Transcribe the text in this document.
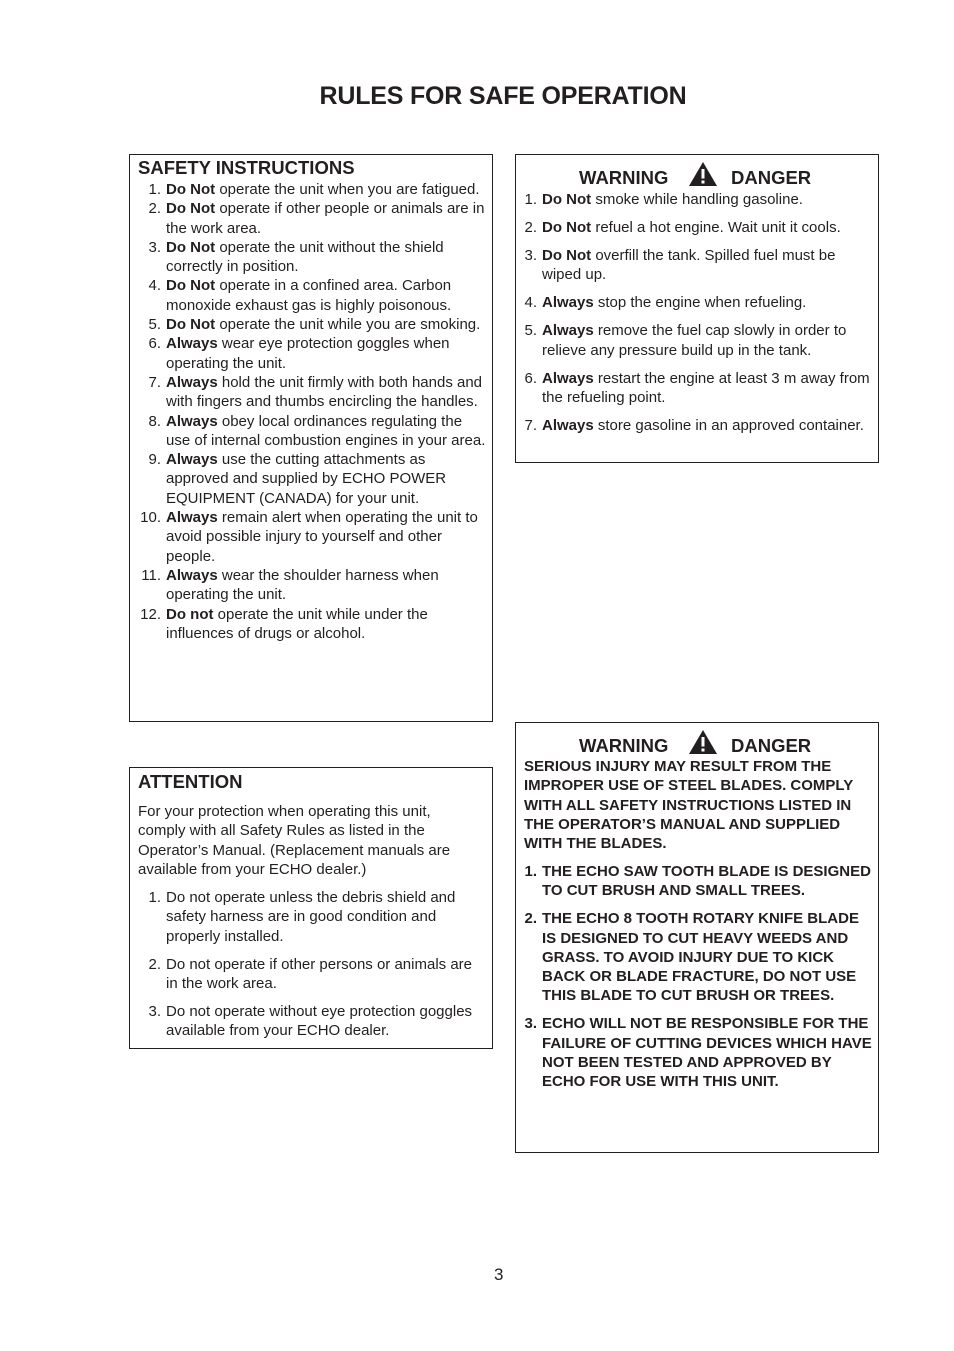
RULES FOR SAFE OPERATION
SAFETY INSTRUCTIONS
1. Do Not operate the unit when you are fatigued.
2. Do Not operate if other people or animals are in the work area.
3. Do Not operate the unit without the shield correctly in position.
4. Do Not operate in a confined area. Carbon monoxide exhaust gas is highly poisonous.
5. Do Not operate the unit while you are smoking.
6. Always wear eye protection goggles when operating the unit.
7. Always hold the unit firmly with both hands and with fingers and thumbs encircling the handles.
8. Always obey local ordinances regulating the use of internal combustion engines in your area.
9. Always use the cutting attachments as approved and supplied by ECHO POWER EQUIPMENT (CANADA) for your unit.
10. Always remain alert when operating the unit to avoid possible injury to yourself and other people.
11. Always wear the shoulder harness when operating the unit.
12. Do not operate the unit while under the influences of drugs or alcohol.
WARNING	DANGER
1. Do Not smoke while handling gasoline.
2. Do Not refuel a hot engine. Wait unit it cools.
3. Do Not overfill the tank. Spilled fuel must be wiped up.
4. Always stop the engine when refueling.
5. Always remove the fuel cap slowly in order to relieve any pressure build up in the tank.
6. Always restart the engine at least 3 m away from the refueling point.
7. Always store gasoline in an approved container.
ATTENTION
For your protection when operating this unit, comply with all Safety Rules as listed in the Operator’s Manual. (Replacement manuals are available from your ECHO dealer.)
1. Do not operate unless the debris shield and safety harness are in good condition and properly installed.
2. Do not operate if other persons or animals are in the work area.
3. Do not operate without eye protection goggles available from your ECHO dealer.
WARNING	DANGER
SERIOUS INJURY MAY RESULT FROM THE IMPROPER USE OF STEEL BLADES. COMPLY WITH ALL SAFETY INSTRUCTIONS LISTED IN THE OPERATOR’S MANUAL AND SUPPLIED WITH THE BLADES.
1. THE ECHO SAW TOOTH BLADE IS DESIGNED TO CUT BRUSH AND SMALL TREES.
2. THE ECHO 8 TOOTH ROTARY KNIFE BLADE IS DESIGNED TO CUT HEAVY WEEDS AND GRASS. TO AVOID INJURY DUE TO KICK BACK OR BLADE FRACTURE, DO NOT USE THIS BLADE TO CUT BRUSH OR TREES.
3. ECHO WILL NOT BE RESPONSIBLE FOR THE FAILURE OF CUTTING DEVICES WHICH HAVE NOT BEEN TESTED AND APPROVED BY ECHO FOR USE WITH THIS UNIT.
3
